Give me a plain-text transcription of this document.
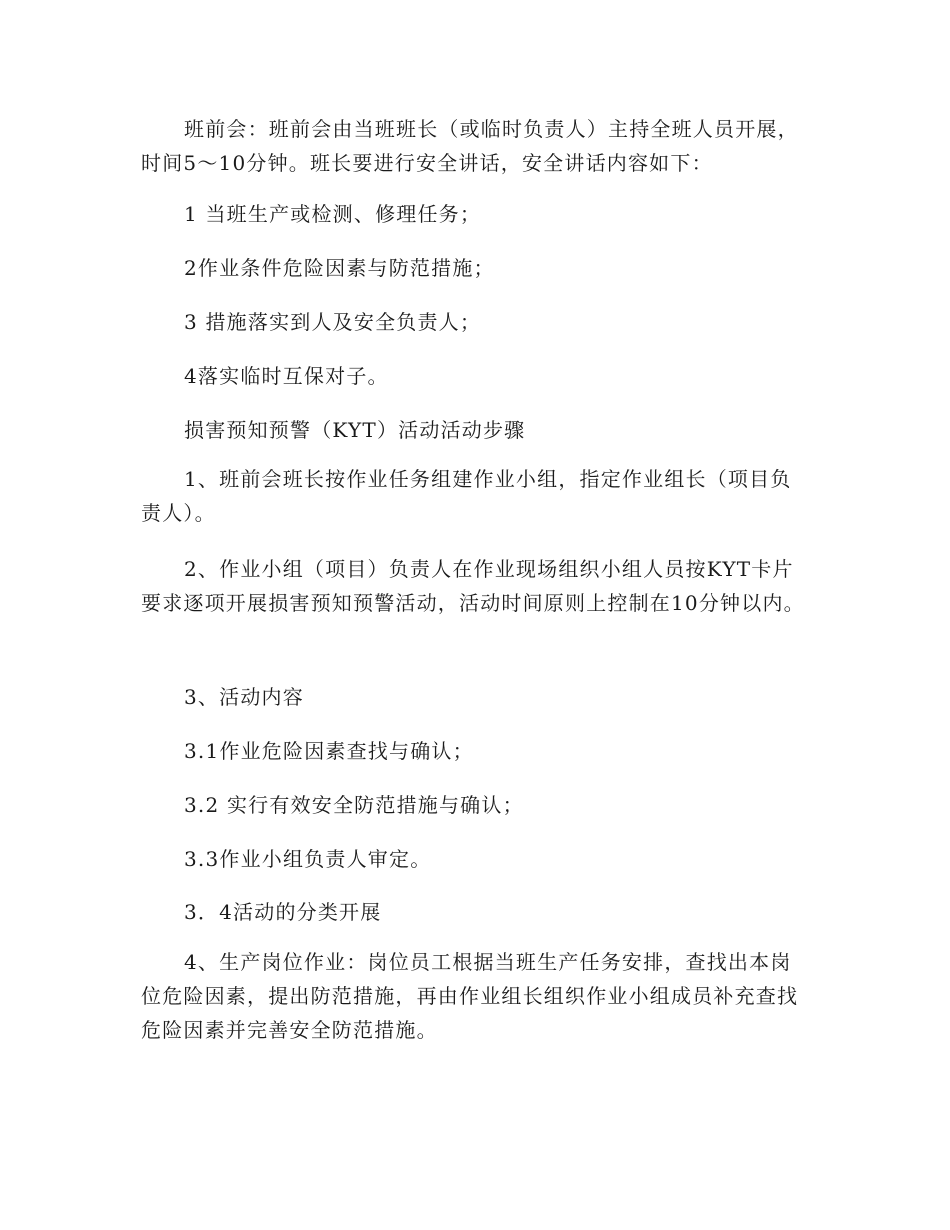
班前会：班前会由当班班长（或临时负责人）主持全班人员开展，时间5～10分钟。班长要进行安全讲话，安全讲话内容如下：

1 当班生产或检测、修理任务；

2作业条件危险因素与防范措施；

3 措施落实到人及安全负责人；

4落实临时互保对子。

损害预知预警（KYT）活动活动步骤

1、班前会班长按作业任务组建作业小组，指定作业组长（项目负责人）。

2、作业小组（项目）负责人在作业现场组织小组人员按KYT卡片要求逐项开展损害预知预警活动，活动时间原则上控制在10分钟以内。

3、活动内容

3.1作业危险因素查找与确认；

3.2 实行有效安全防范措施与确认；

3.3作业小组负责人审定。

3．4活动的分类开展

4、生产岗位作业：岗位员工根据当班生产任务安排，查找出本岗位危险因素，提出防范措施，再由作业组长组织作业小组成员补充查找危险因素并完善安全防范措施。
